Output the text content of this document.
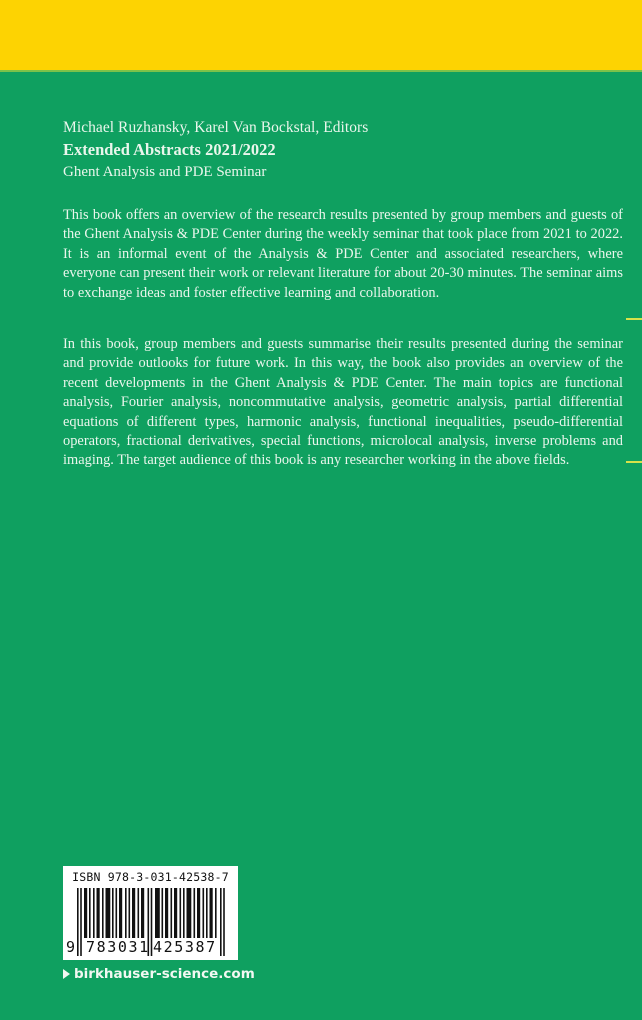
Michael Ruzhansky, Karel Van Bockstal, Editors
Extended Abstracts 2021/2022
Ghent Analysis and PDE Seminar
This book offers an overview of the research results presented by group members and guests of the Ghent Analysis & PDE Center during the weekly seminar that took place from 2021 to 2022. It is an informal event of the Analysis & PDE Center and associated researchers, where everyone can present their work or relevant literature for about 20-30 minutes. The seminar aims to exchange ideas and foster effective learning and collaboration.
In this book, group members and guests summarise their results presented during the seminar and provide outlooks for future work. In this way, the book also provides an overview of the recent developments in the Ghent Analysis & PDE Center. The main topics are functional analysis, Fourier analysis, noncommutative analysis, geometric analysis, partial differential equations of different types, harmonic analysis, functional inequalities, pseudo-differential operators, fractional derivatives, special functions, microlocal analysis, inverse problems and imaging. The target audience of this book is any researcher working in the above fields.
ISBN 978-3-031-42538-7
9 783031 425387
birkhauser-science.com
